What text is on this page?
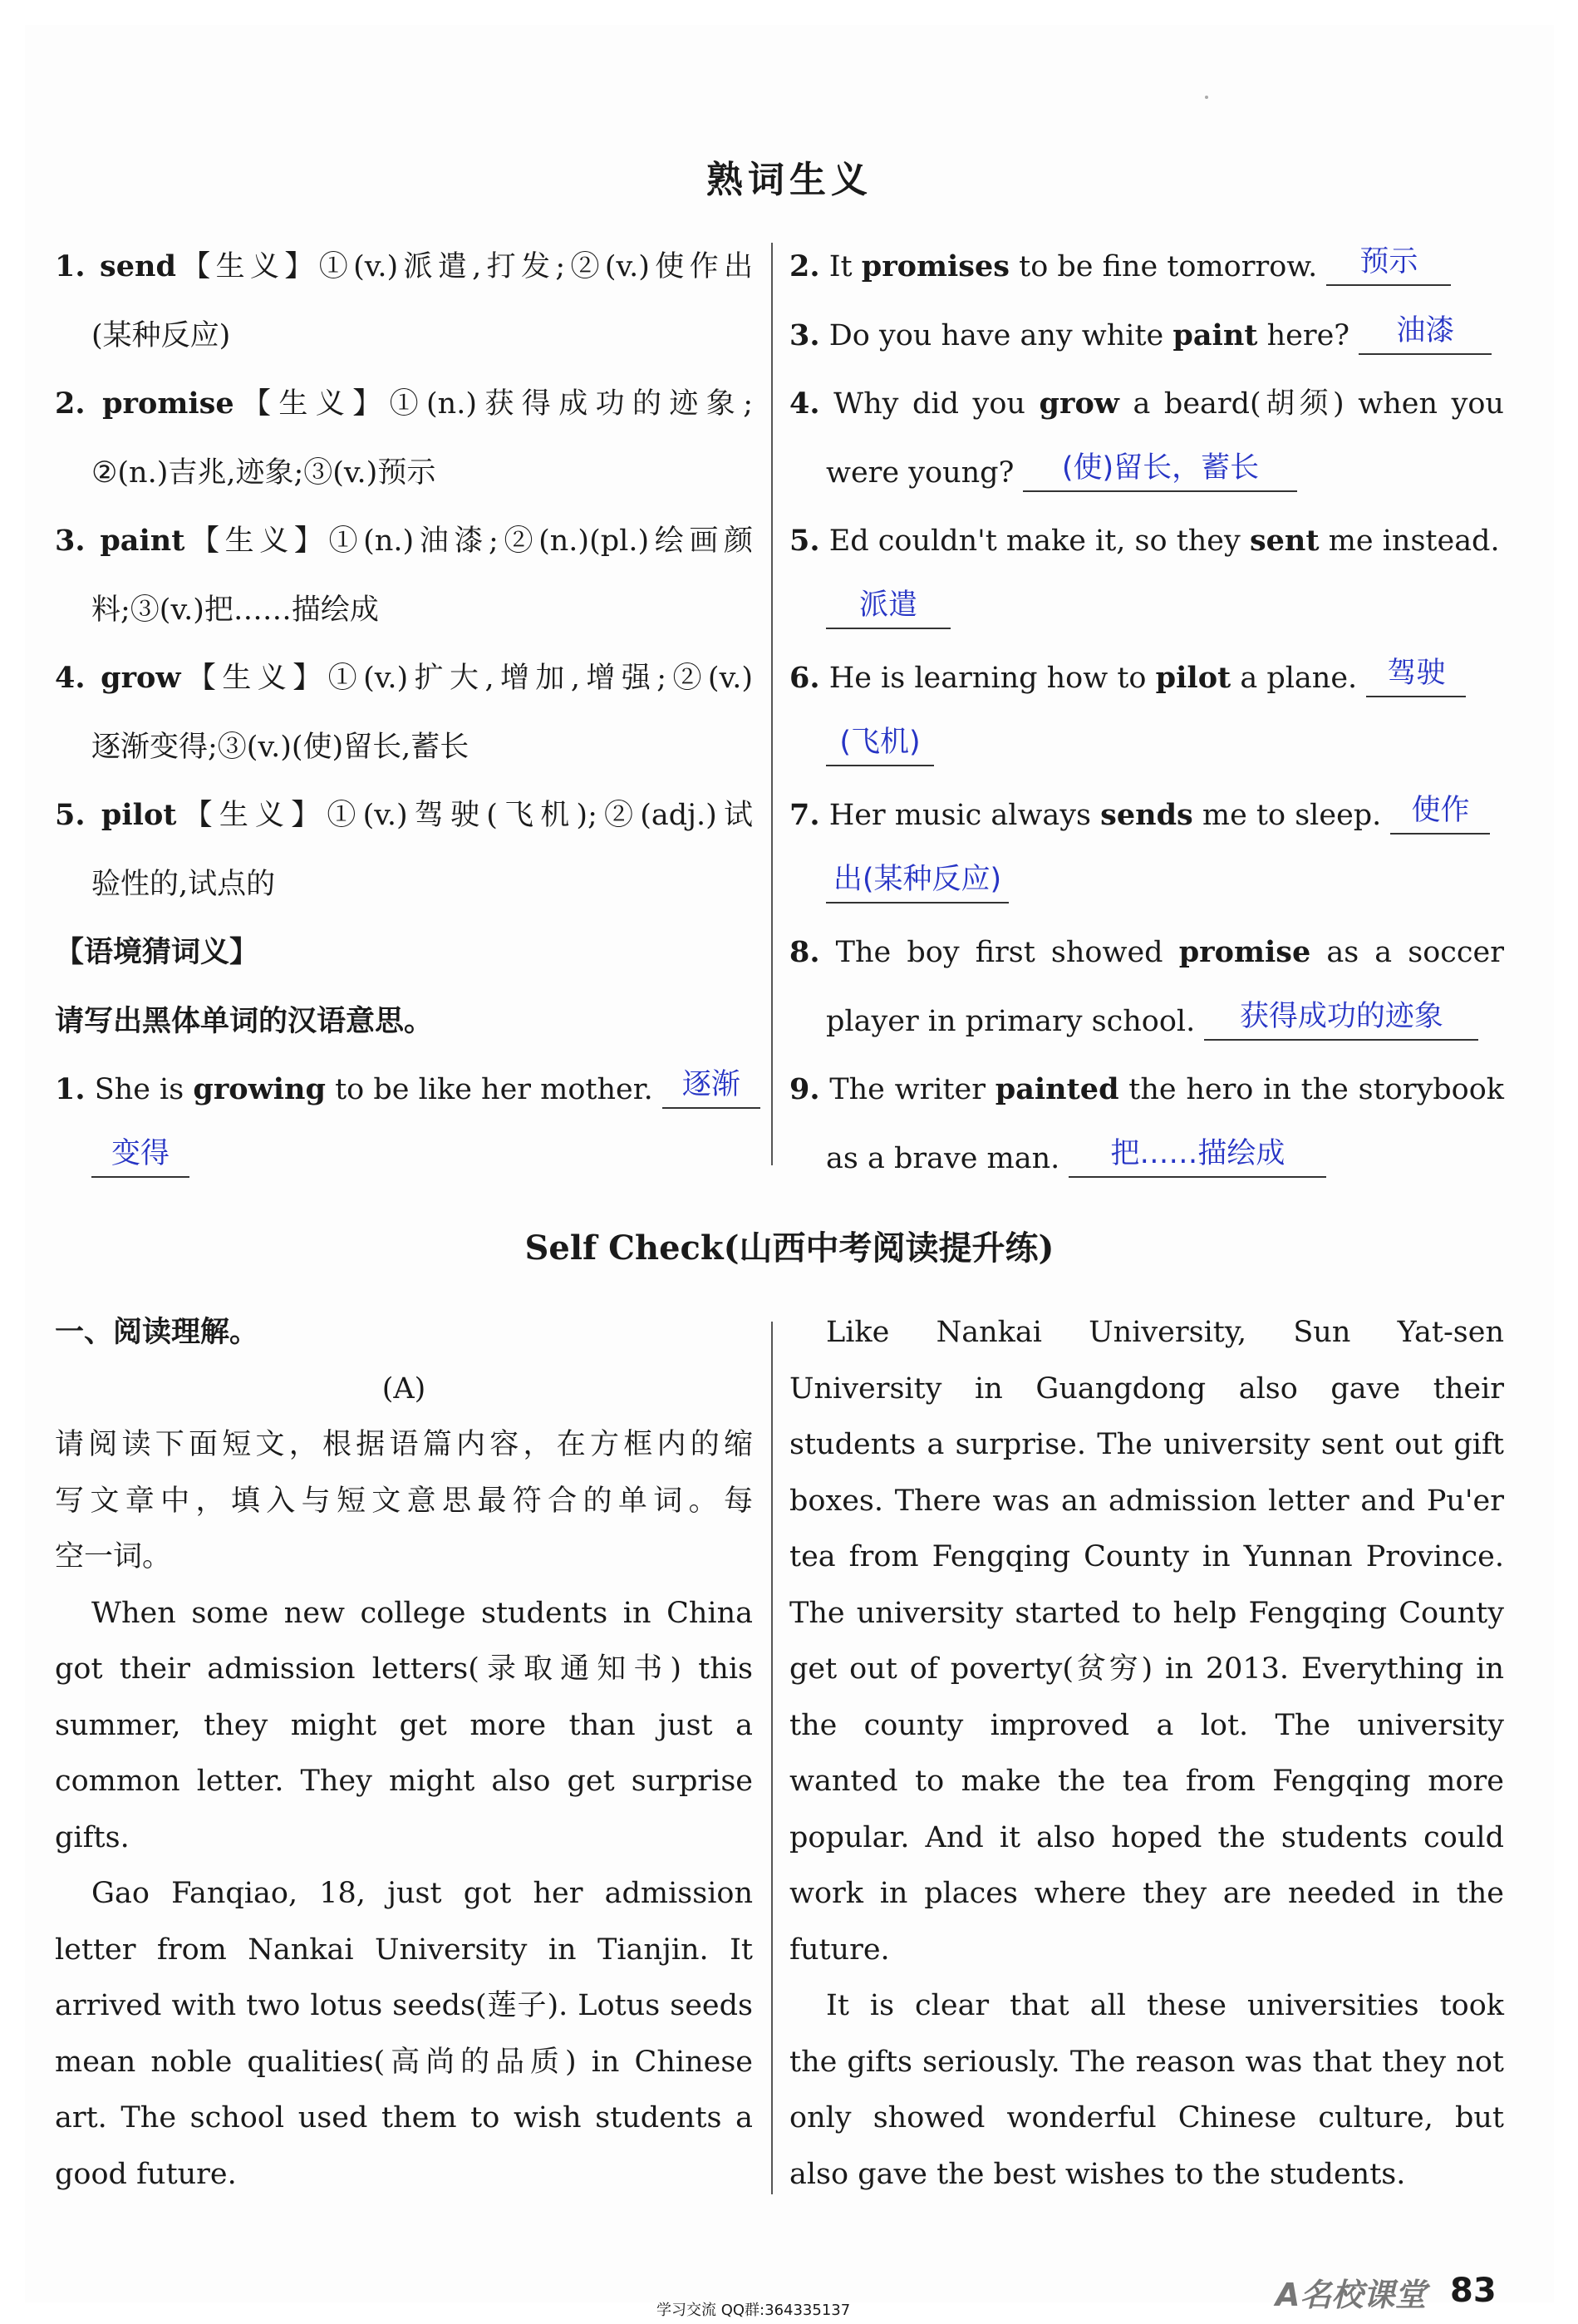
熟词生义
1. send【生义】①(v.)派遣,打发;②(v.)使作出
(某种反应)
2. promise【生义】①(n.)获得成功的迹象;
②(n.)吉兆,迹象;③(v.)预示
3. paint【生义】①(n.)油漆;②(n.)(pl.)绘画颜
料;③(v.)把……描绘成
4. grow【生义】①(v.)扩大,增加,增强;②(v.)
逐渐变得;③(v.)(使)留长,蓄长
5. pilot【生义】①(v.)驾驶(飞机);②(adj.)试
验性的,试点的
【语境猜词义】
请写出黑体单词的汉语意思。
1. She is growing to be like her mother. 逐渐
变得
2. It promises to be fine tomorrow. 预示
3. Do you have any white paint here? 油漆
4. Why did you grow a beard(胡须) when you
were young? (使)留长，蓄长
5. Ed couldn't make it, so they sent me instead.
派遣
6. He is learning how to pilot a plane. 驾驶
(飞机)
7. Her music always sends me to sleep. 使作
出(某种反应)
8. The boy first showed promise as a soccer
player in primary school. 获得成功的迹象
9. The writer painted the hero in the storybook
as a brave man. 把……描绘成
Self Check(山西中考阅读提升练)
一、阅读理解。
(A)
请阅读下面短文，根据语篇内容，在方框内的缩
写文章中，填入与短文意思最符合的单词。每
空一词。
When some new college students in China
got their admission letters(录取通知书) this
summer, they might get more than just a
common letter. They might also get surprise
gifts.
Gao Fanqiao, 18, just got her admission
letter from Nankai University in Tianjin. It
arrived with two lotus seeds(莲子). Lotus seeds
mean noble qualities(高尚的品质) in Chinese
art. The school used them to wish students a
good future.
Like Nankai University, Sun Yat-sen
University in Guangdong also gave their
students a surprise. The university sent out gift
boxes. There was an admission letter and Pu'er
tea from Fengqing County in Yunnan Province.
The university started to help Fengqing County
get out of poverty(贫穷) in 2013. Everything in
the county improved a lot. The university
wanted to make the tea from Fengqing more
popular. And it also hoped the students could
work in places where they are needed in the
future.
It is clear that all these universities took
the gifts seriously. The reason was that they not
only showed wonderful Chinese culture, but
also gave the best wishes to the students.
学习交流 QQ群:364335137	A名校课堂 83
